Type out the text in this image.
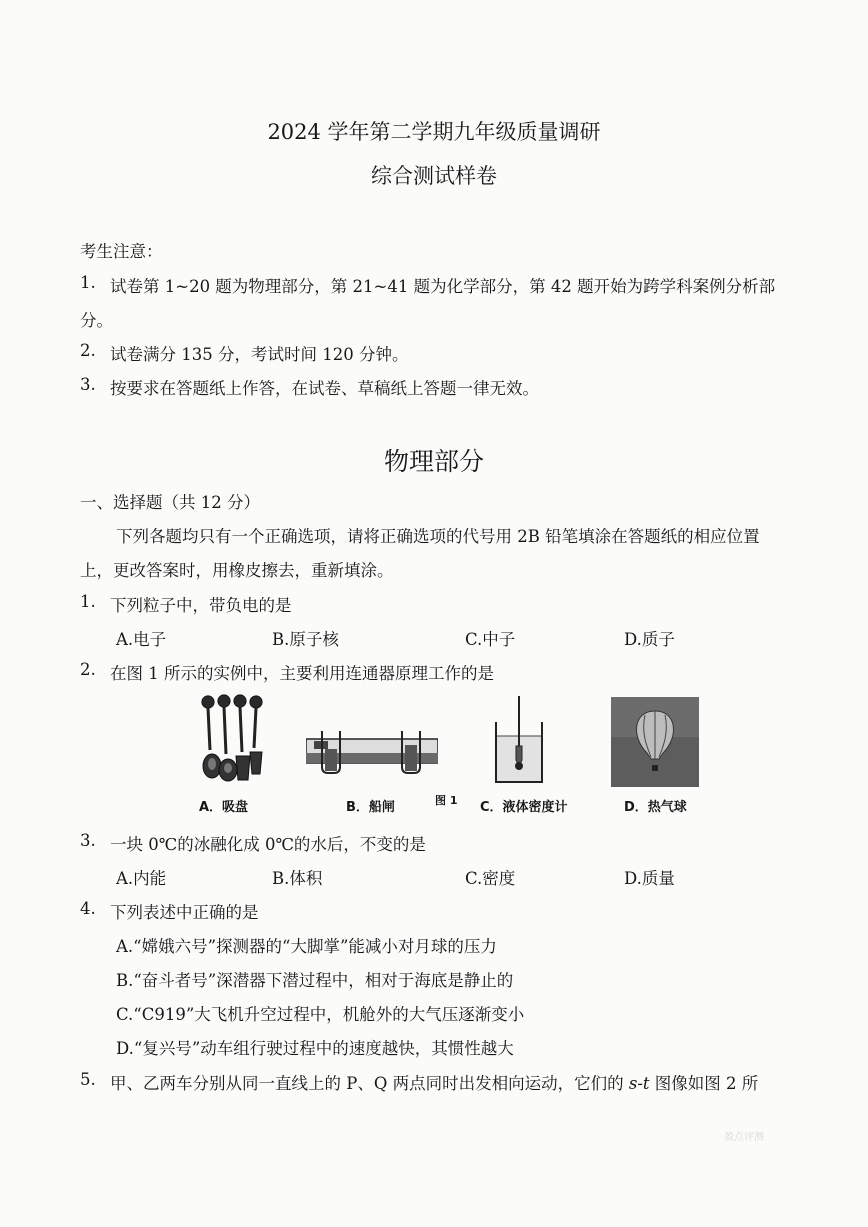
2024 学年第二学期九年级质量调研
综合测试样卷
考生注意：
1. 试卷第 1~20 题为物理部分，第 21~41 题为化学部分，第 42 题开始为跨学科案例分析部
分。
2. 试卷满分 135 分，考试时间 120 分钟。
3. 按要求在答题纸上作答，在试卷、草稿纸上答题一律无效。
物理部分
一、选择题（共 12 分）
下列各题均只有一个正确选项，请将正确选项的代号用 2B 铅笔填涂在答题纸的相应位置
上，更改答案时，用橡皮擦去，重新填涂。
1. 下列粒子中，带负电的是
A.电子	B.原子核	C.中子	D.质子
2. 在图 1 所示的实例中，主要利用连通器原理工作的是
A．吸盘	B．船闸	图 1 C．液体密度计	D．热气球
3. 一块 0℃的冰融化成 0℃的水后，不变的是
A.内能	B.体积	C.密度	D.质量
4. 下列表述中正确的是
A.“嫦娥六号”探测器的“大脚掌”能减小对月球的压力
B.“奋斗者号”深潜器下潜过程中，相对于海底是静止的
C.“C919”大飞机升空过程中，机舱外的大气压逐渐变小
D.“复兴号”动车组行驶过程中的速度越快，其惯性越大
5. 甲、乙两车分别从同一直线上的 P、Q 两点同时出发相向运动，它们的 s-t 图像如图 2 所
盈点评测
